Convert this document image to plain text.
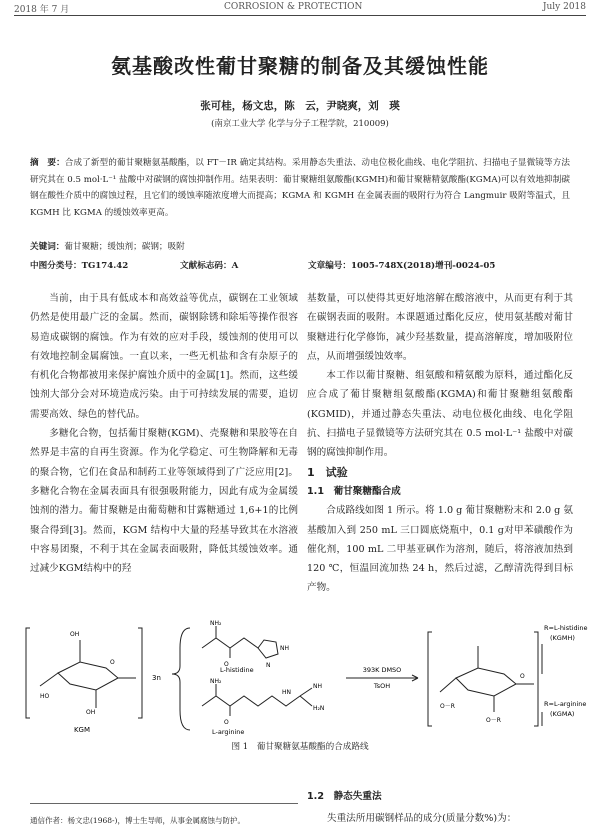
2018 年 7 月	CORROSION & PROTECTION	July 2018
氨基酸改性葡甘聚糖的制备及其缓蚀性能
张可桂，杨文忠，陈　云，尹晓爽，刘　瑛
(南京工业大学 化学与分子工程学院，210009)
摘　要：合成了新型的葡甘聚糖氨基酸酯，以 FT－IR 确定其结构。采用静态失重法、动电位极化曲线、电化学阻抗、扫描电子显微镜等方法研究其在 0.5 mol·L⁻¹ 盐酸中对碳钢的腐蚀抑制作用。结果表明：葡甘聚糖组氨酸酯(KGMH)和葡甘聚糖精氨酸酯(KGMA)可以有效地抑制碳钢在酸性介质中的腐蚀过程，且它们的缓蚀率随浓度增大而提高；KGMA 和 KGMH 在金属表面的吸附行为符合 Langmuir 吸附等温式，且 KGMH 比 KGMA 的缓蚀效率更高。
关键词：葡甘聚糖；缓蚀剂；碳钢；吸附
中图分类号：TG174.42	文献标志码：A	文章编号：1005-748X(2018)增刊-0024-05

当前，由于具有低成本和高效益等优点，碳钢在工业领域仍然是使用最广泛的金属。然而，碳钢除锈和除垢等操作很容易造成碳钢的腐蚀。作为有效的应对手段，缓蚀剂的使用可以有效地控制金属腐蚀。一直以来，一些无机盐和含有杂原子的有机化合物都被用来保护腐蚀介质中的金属[1]。然而，这些缓蚀剂大部分会对环境造成污染。由于可持续发展的需要，追切需要高效、绿色的替代品。

多糖化合物，包括葡甘聚糖(KGM)、壳聚糖和果胶等在自然界是丰富的自再生资源。作为化学稳定、可生物降解和无毒的聚合物，它们在食品和制药工业等领域得到了广泛应用[2]。多糖化合物在金属表面具有很强吸附能力，因此有成为金属缓蚀剂的潜力。葡甘聚糖是由葡萄糖和甘露糖通过 1,6+1的比例聚合得到[3]。然而，KGM 结构中大量的羟基导致其在水溶液中容易团聚，不利于其在金属表面吸附，降低其缓蚀效率。通过减少KGM结构中的羟

基数量，可以使得其更好地溶解在酸溶液中，从而更有利于其在碳钢表面的吸附。本课题通过酯化反应，使用氨基酸对葡甘聚糖进行化学修饰，减少羟基数量，提高溶解度，增加吸附位点，从而增强缓蚀效率。

本工作以葡甘聚糖、组氨酸和精氨酸为原料，通过酯化反应合成了葡甘聚糖组氨酸酯(KGMA)和葡甘聚糖组氨酸酯(KGMID)，并通过静态失重法、动电位极化曲线、电化学阻抗、扫描电子显微镜等方法研究其在 0.5 mol·L⁻¹ 盐酸中对碳钢的腐蚀抑制作用。

1　试验

1.1　葡甘聚糖酯合成

合成路线如图 1 所示。将 1.0 g 葡甘聚糖粉末和 2.0 g 氨基酸加入到 250 mL 三口圆底烧瓶中，0.1 g对甲苯磺酸作为催化剂，100 mL 二甲基亚砜作为溶剂，随后，将溶液加热到 120 ℃，恒温回流加热 24 h，然后过滤，乙醇清洗得到目标产物。

KGM
3n
OH
HO
OH
O
NH₂
O
NH
N
L-histidine
NH₂
O
HN
NH
H₂N
L-arginine
393K DMSO
TsOH
O－R
O－R
O
R=L-histidine
(KGMH)
R=L-arginine
(KGMA)
图 1　葡甘聚糖氨基酸酯的合成路线
1.2　静态失重法
失重法所用碳钢样品的成分(质量分数%)为：
通信作者：杨文忠(1968-)，博士生导师，从事金属腐蚀与防护。
